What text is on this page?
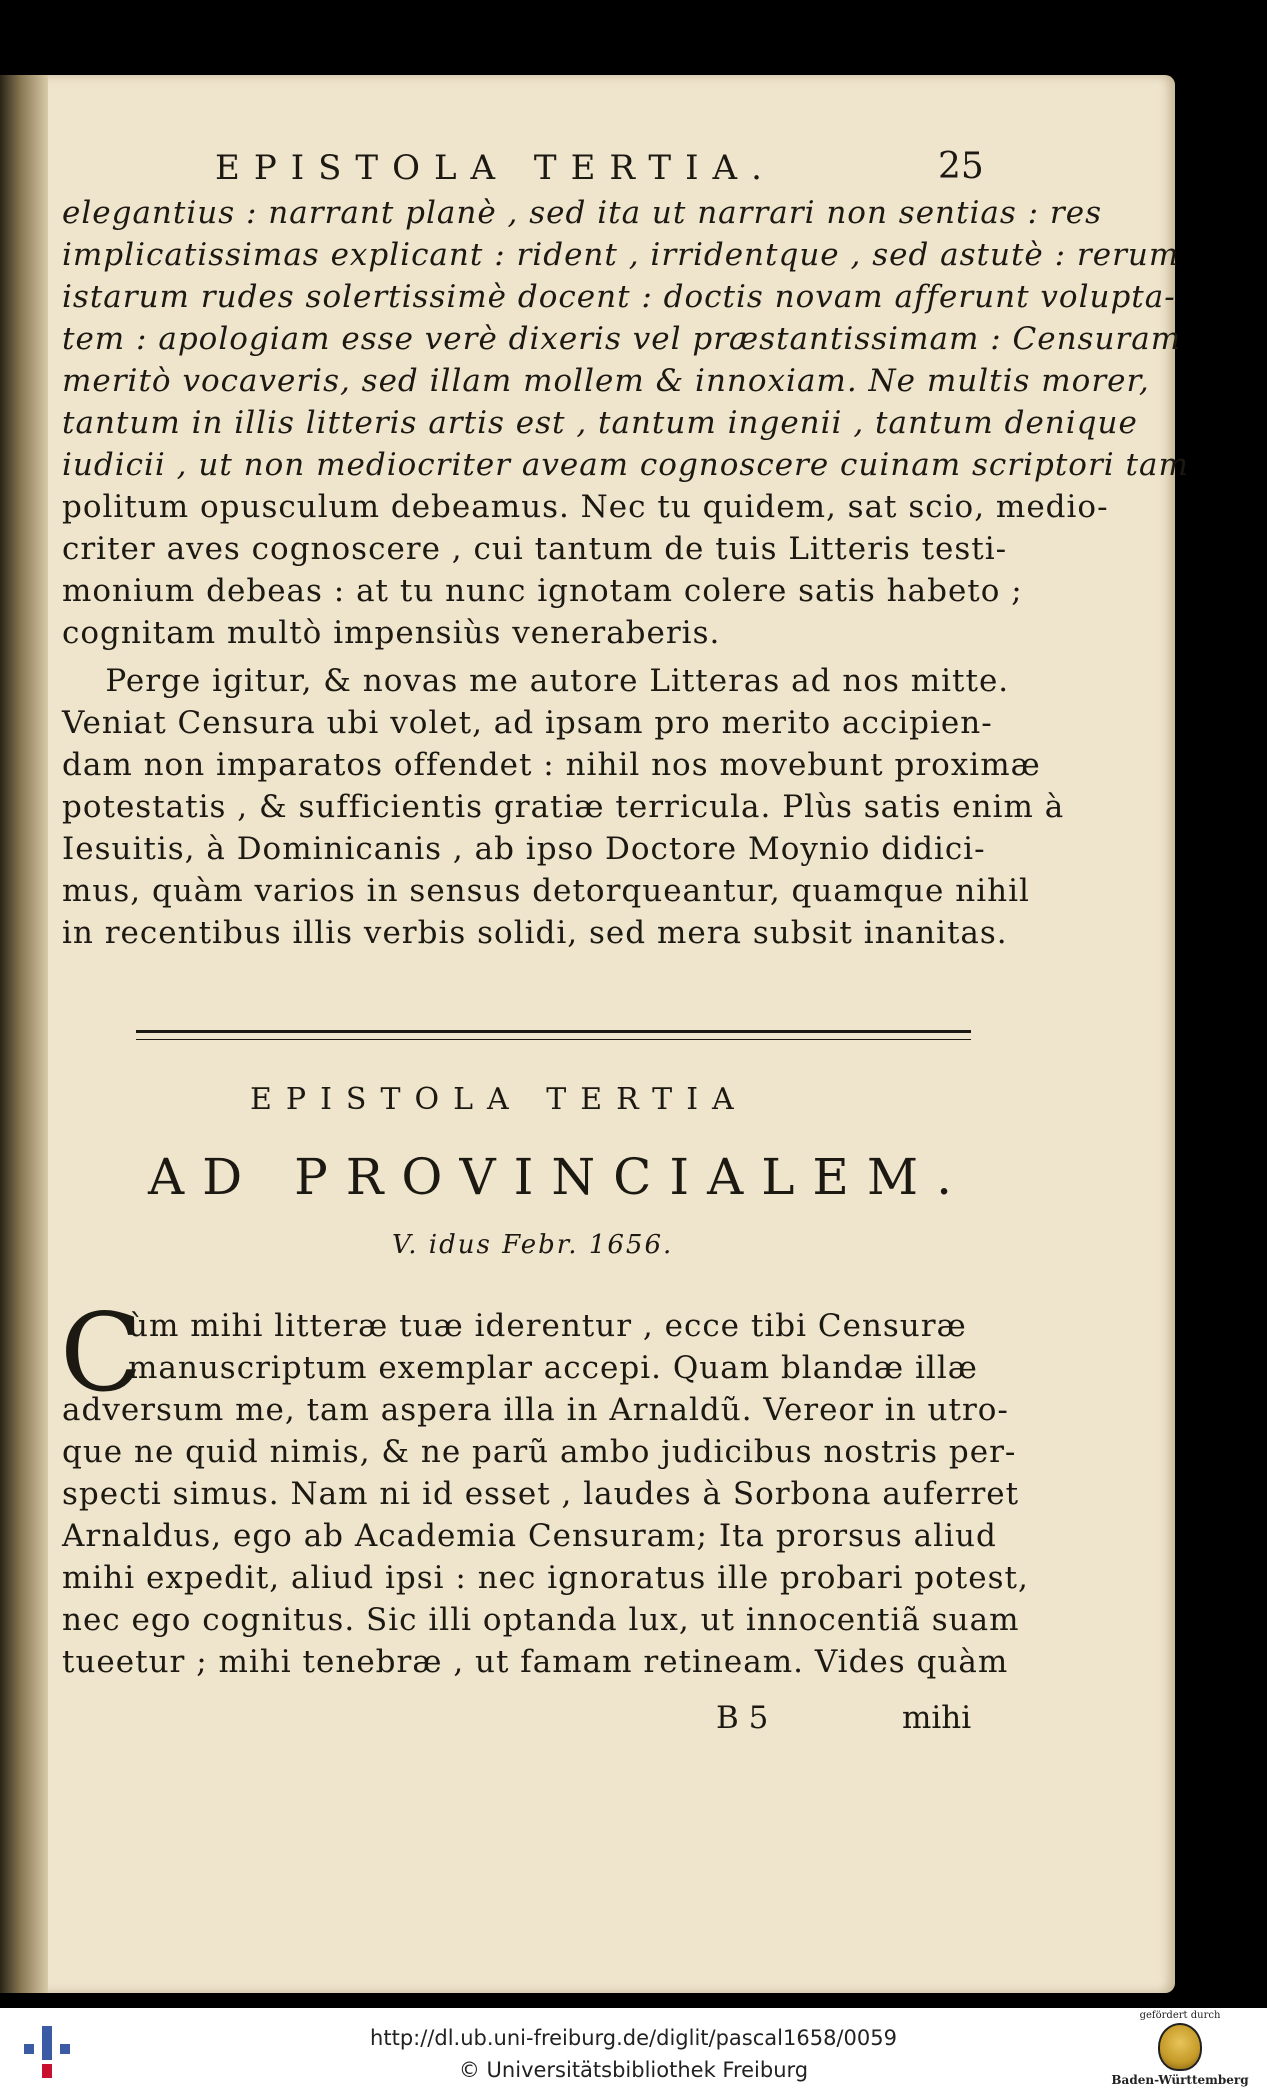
EPISTOLA TERTIA.	25
elegantius : narrant planè , sed ita ut narrari non sentias : res
implicatissimas explicant : rident , irridentque , sed astutè : rerum
istarum rudes solertissimè docent : doctis novam afferunt volupta-
tem : apologiam esse verè dixeris vel præstantissimam : Censuram
meritò vocaveris, sed illam mollem & innoxiam. Ne multis morer,
tantum in illis litteris artis est , tantum ingenii , tantum denique
iudicii , ut non mediocriter aveam cognoscere cuinam scriptori tam
politum opusculum debeamus. Nec tu quidem, sat scio, medio-
criter aves cognoscere , cui tantum de tuis Litteris testi-
monium debeas : at tu nunc ignotam colere satis habeto ;
cognitam multò impensiùs veneraberis.
Perge igitur, & novas me autore Litteras ad nos mitte.
Veniat Censura ubi volet, ad ipsam pro merito accipien-
dam non imparatos offendet : nihil nos movebunt proximæ
potestatis , & sufficientis gratiæ terricula. Plùs satis enim à
Iesuitis, à Dominicanis , ab ipso Doctore Moynio didici-
mus, quàm varios in sensus detorqueantur, quamque nihil
in recentibus illis verbis solidi, sed mera subsit inanitas.
EPISTOLA TERTIA
AD PROVINCIALEM.
V. idus Febr. 1656.
C
ùm mihi litteræ tuæ iderentur , ecce tibi Censuræ
manuscriptum exemplar accepi. Quam blandæ illæ
adversum me, tam aspera illa in Arnaldũ. Vereor in utro-
que ne quid nimis, & ne parũ ambo judicibus nostris per-
specti simus. Nam ni id esset , laudes à Sorbona auferret
Arnaldus, ego ab Academia Censuram; Ita prorsus aliud
mihi expedit, aliud ipsi : nec ignoratus ille probari potest,
nec ego cognitus. Sic illi optanda lux, ut innocentiã suam
tueetur ; mihi tenebræ , ut famam retineam. Vides quàm
B 5	mihi
http://dl.ub.uni-freiburg.de/diglit/pascal1658/0059
© Universitätsbibliothek Freiburg
gefördert durch
Baden-Württemberg
